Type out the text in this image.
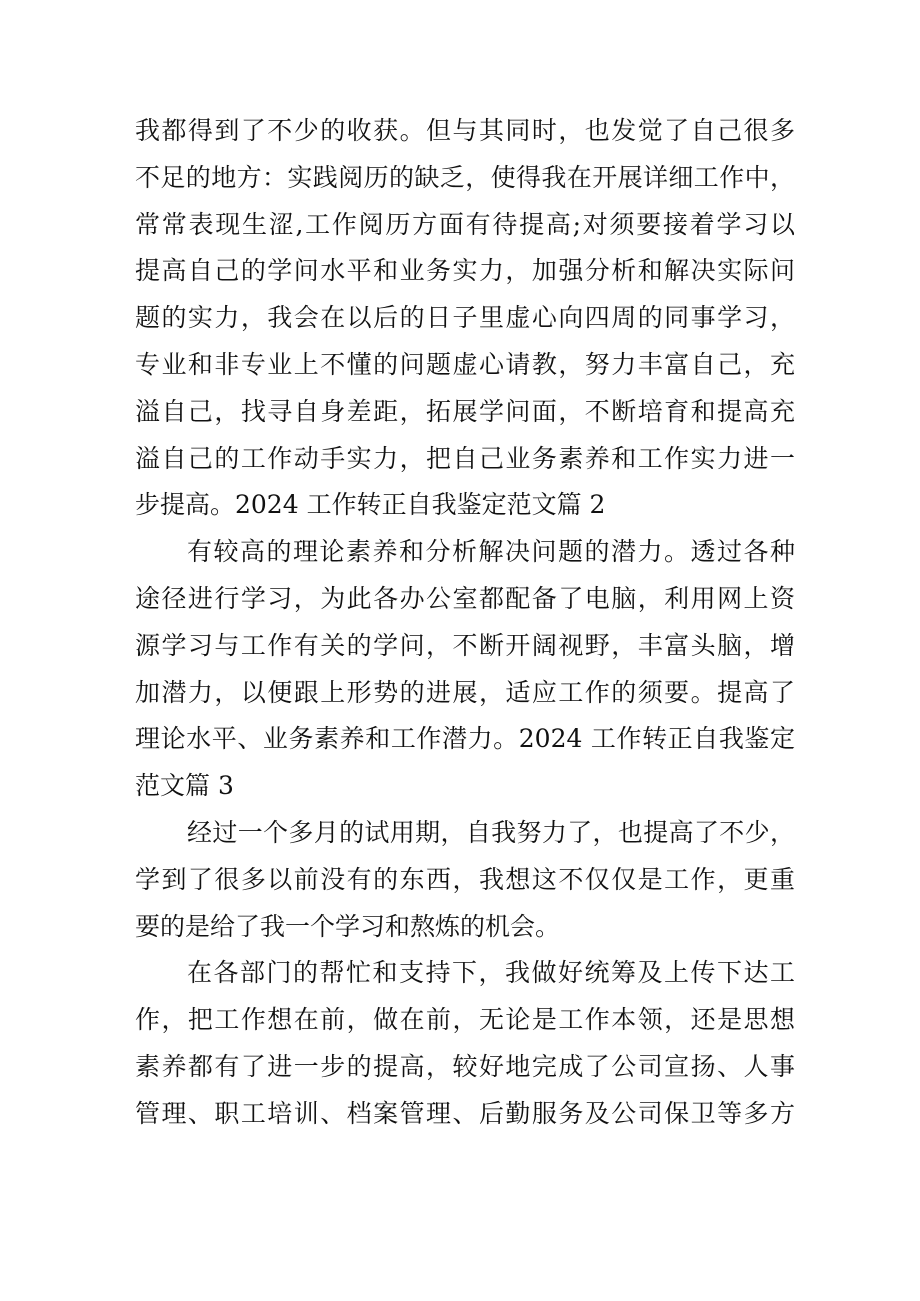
我都得到了不少的收获。但与其同时，也发觉了自己很多
不足的地方：实践阅历的缺乏，使得我在开展详细工作中，
常常表现生涩,工作阅历方面有待提高;对须要接着学习以
提高自己的学问水平和业务实力，加强分析和解决实际问
题的实力，我会在以后的日子里虚心向四周的同事学习，
专业和非专业上不懂的问题虚心请教，努力丰富自己，充
溢自己，找寻自身差距，拓展学问面，不断培育和提高充
溢自己的工作动手实力，把自己业务素养和工作实力进一
步提高。2024 工作转正自我鉴定范文篇 2
有较高的理论素养和分析解决问题的潜力。透过各种
途径进行学习，为此各办公室都配备了电脑，利用网上资
源学习与工作有关的学问，不断开阔视野，丰富头脑，增
加潜力，以便跟上形势的进展，适应工作的须要。提高了
理论水平、业务素养和工作潜力。2024 工作转正自我鉴定
范文篇 3
经过一个多月的试用期，自我努力了，也提高了不少，
学到了很多以前没有的东西，我想这不仅仅是工作，更重
要的是给了我一个学习和熬炼的机会。
在各部门的帮忙和支持下，我做好统筹及上传下达工
作，把工作想在前，做在前，无论是工作本领，还是思想
素养都有了进一步的提高，较好地完成了公司宣扬、人事
管理、职工培训、档案管理、后勤服务及公司保卫等多方
